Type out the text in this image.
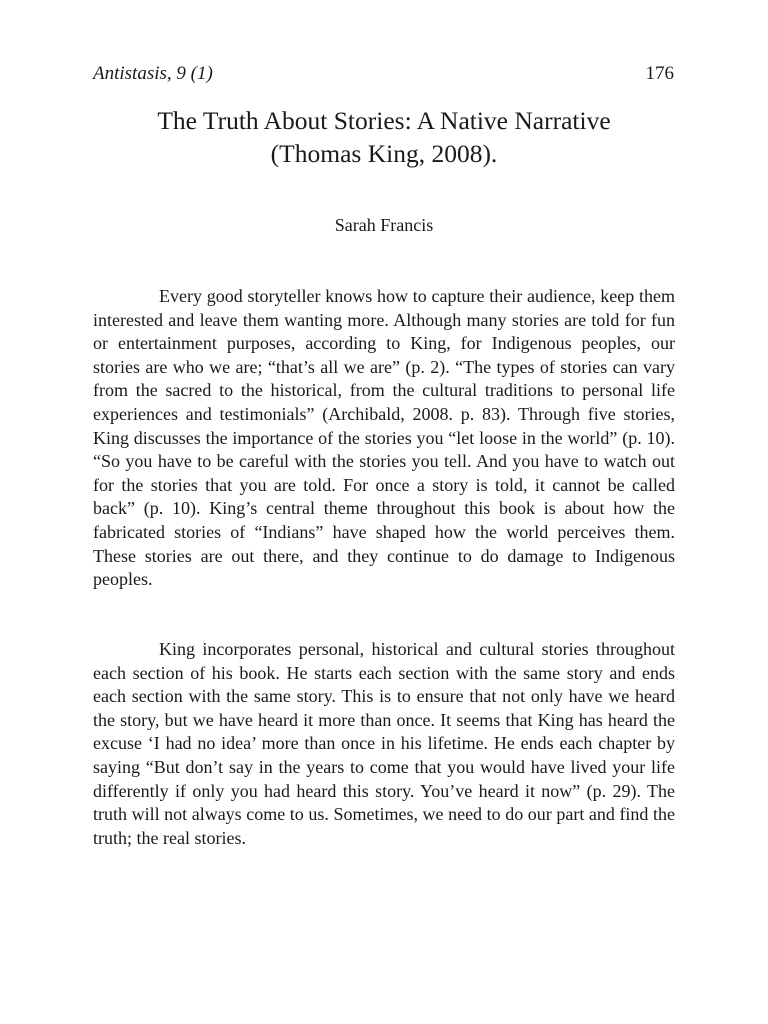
Antistasis, 9 (1)	176
The Truth About Stories: A Native Narrative
(Thomas King, 2008).
Sarah Francis

Every good storyteller knows how to capture their audience, keep them interested and leave them wanting more. Although many stories are told for fun or entertainment purposes, according to King, for Indigenous peoples, our stories are who we are; “that’s all we are” (p. 2). “The types of stories can vary from the sacred to the historical, from the cultural traditions to personal life experiences and testimonials” (Archibald, 2008. p. 83). Through five stories, King discusses the importance of the stories you “let loose in the world” (p. 10). “So you have to be careful with the stories you tell. And you have to watch out for the stories that you are told. For once a story is told, it cannot be called back” (p. 10). King’s central theme throughout this book is about how the fabricated stories of “Indians” have shaped how the world perceives them. These stories are out there, and they continue to do damage to Indigenous peoples.

King incorporates personal, historical and cultural stories throughout each section of his book. He starts each section with the same story and ends each section with the same story. This is to ensure that not only have we heard the story, but we have heard it more than once. It seems that King has heard the excuse ‘I had no idea’ more than once in his lifetime. He ends each chapter by saying “But don’t say in the years to come that you would have lived your life differently if only you had heard this story. You’ve heard it now” (p. 29). The truth will not always come to us. Sometimes, we need to do our part and find the truth; the real stories.
